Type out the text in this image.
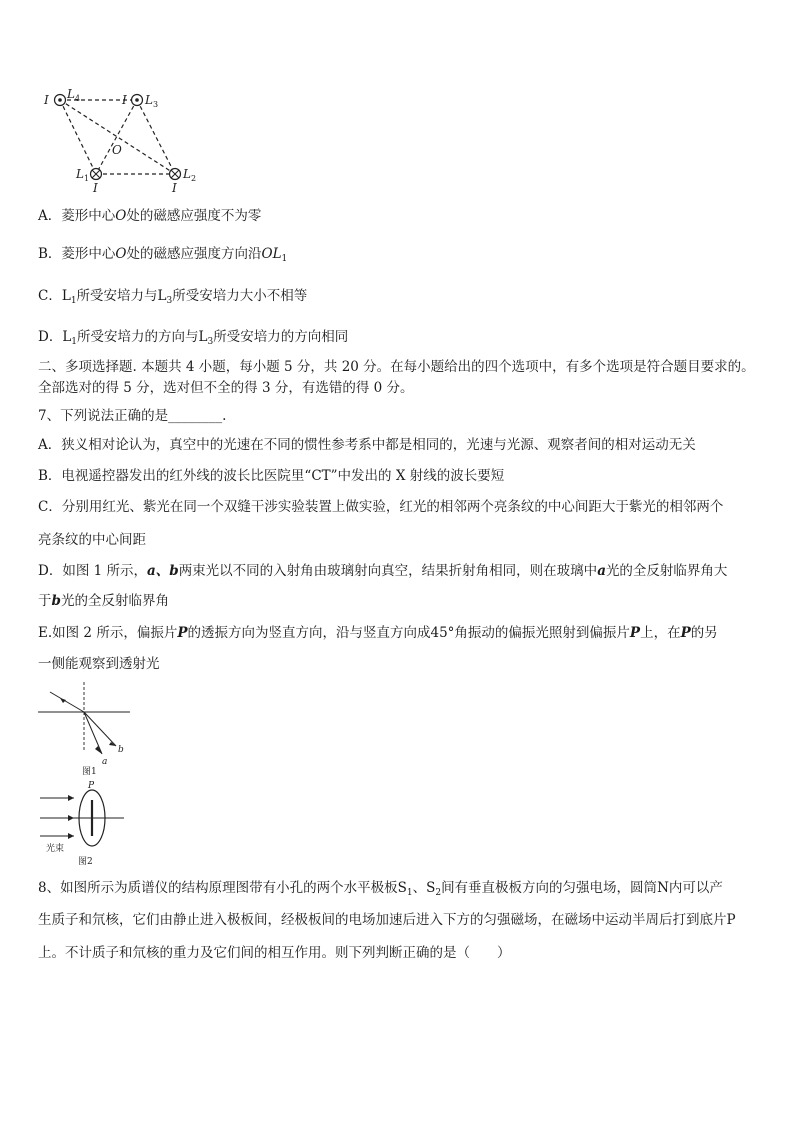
I L 4	I L 3
O
L 1
I
L 2
I
A．菱形中心O处的磁感应强度不为零
B．菱形中心O处的磁感应强度方向沿$OL_1$
C．$L_1$所受安培力与$L_3$所受安培力大小不相等
D．$L_1$所受安培力的方向与$L_3$所受安培力的方向相同
二、多项选择题. 本题共 4 小题，每小题 5 分，共 20 分。在每小题给出的四个选项中，有多个选项是符合题目要求的。
全部选对的得 5 分，选对但不全的得 3 分，有选错的得 0 分。
7、下列说法正确的是________.
A．狭义相对论认为，真空中的光速在不同的惯性参考系中都是相同的，光速与光源、观察者间的相对运动无关
B．电视遥控器发出的红外线的波长比医院里“CT”中发出的 X 射线的波长要短
C．分别用红光、紫光在同一个双缝干涉实验装置上做实验，红光的相邻两个亮条纹的中心间距大于紫光的相邻两个
亮条纹的中心间距
D．如图 1 所示，a、b两束光以不同的入射角由玻璃射向真空，结果折射角相同，则在玻璃中a光的全反射临界角大
于b光的全反射临界角
E.如图 2 所示，偏振片P的透振方向为竖直方向，沿与竖直方向成45°角振动的偏振光照射到偏振片P上，在P的另
一侧能观察到透射光
a
b
图1
P
光束
图2
8、如图所示为质谱仪的结构原理图带有小孔的两个水平极板$S_1$、$S_2$间有垂直极板方向的匀强电场，圆筒N内可以产
生质子和氘核，它们由静止进入极板间，经极板间的电场加速后进入下方的匀强磁场，在磁场中运动半周后打到底片P
上。不计质子和氘核的重力及它们间的相互作用。则下列判断正确的是（　　）
